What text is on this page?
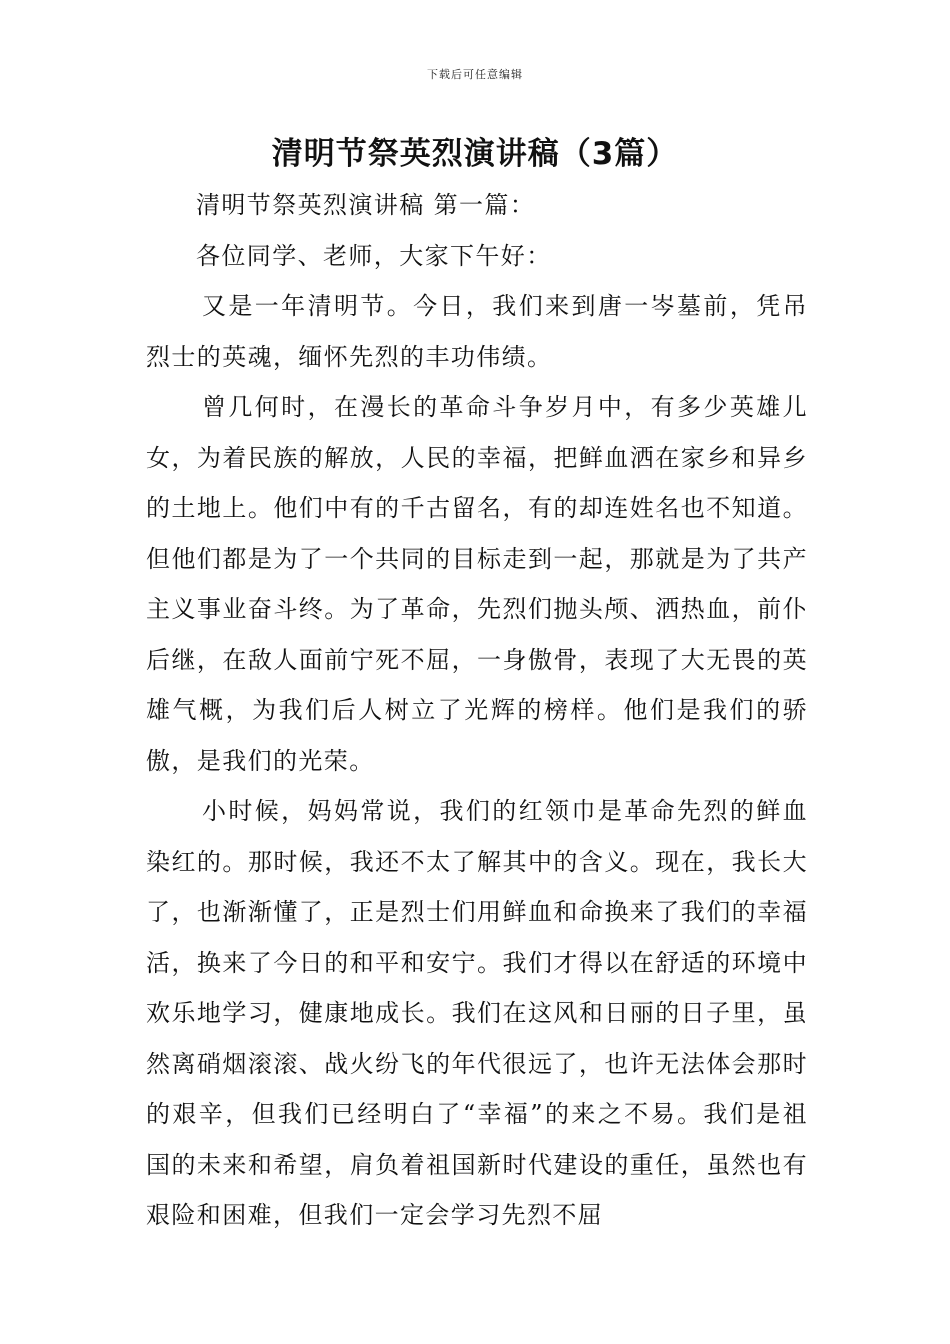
下载后可任意编辑
清明节祭英烈演讲稿（3篇）

清明节祭英烈演讲稿 第一篇：

各位同学、老师，大家下午好：

又是一年清明节。今日，我们来到唐一岑墓前，凭吊烈士的英魂，缅怀先烈的丰功伟绩。

曾几何时，在漫长的革命斗争岁月中，有多少英雄儿女，为着民族的解放，人民的幸福，把鲜血洒在家乡和异乡的土地上。他们中有的千古留名，有的却连姓名也不知道。但他们都是为了一个共同的目标走到一起，那就是为了共产主义事业奋斗终。为了革命，先烈们抛头颅、洒热血，前仆后继，在敌人面前宁死不屈，一身傲骨，表现了大无畏的英雄气概，为我们后人树立了光辉的榜样。他们是我们的骄傲，是我们的光荣。

小时候，妈妈常说，我们的红领巾是革命先烈的鲜血染红的。那时候，我还不太了解其中的含义。现在，我长大了，也渐渐懂了，正是烈士们用鲜血和命换来了我们的幸福活，换来了今日的和平和安宁。我们才得以在舒适的环境中欢乐地学习，健康地成长。我们在这风和日丽的日子里，虽然离硝烟滚滚、战火纷飞的年代很远了，也许无法体会那时的艰辛，但我们已经明白了“幸福”的来之不易。我们是祖国的未来和希望，肩负着祖国新时代建设的重任，虽然也有艰险和困难，但我们一定会学习先烈不屈
